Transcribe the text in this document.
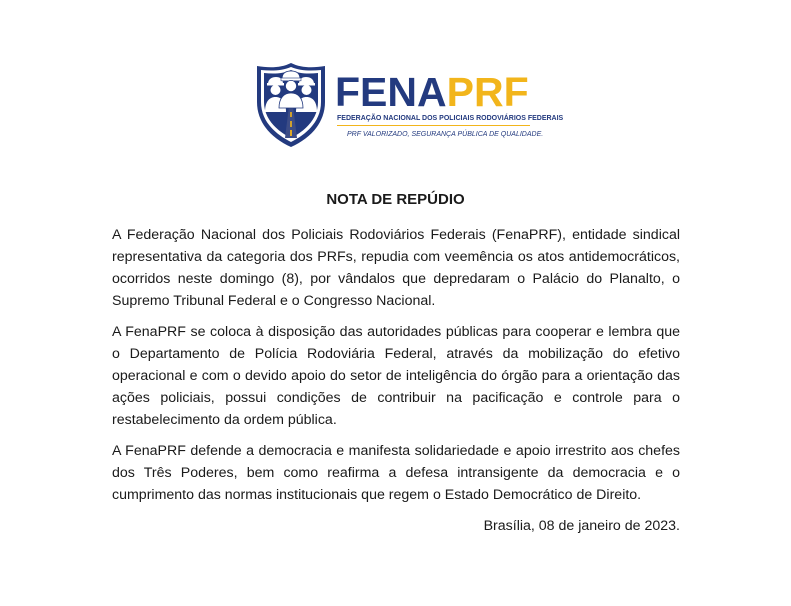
FENAPRF
FEDERAÇÃO NACIONAL DOS POLICIAIS RODOVIÁRIOS FEDERAIS
PRF VALORIZADO, SEGURANÇA PÚBLICA DE QUALIDADE.
NOTA DE REPÚDIO

A Federação Nacional dos Policiais Rodoviários Federais (FenaPRF), entidade sindical representativa da categoria dos PRFs, repudia com veemência os atos antidemocráticos, ocorridos neste domingo (8), por vândalos que depredaram o Palácio do Planalto, o Supremo Tribunal Federal e o Congresso Nacional.

A FenaPRF se coloca à disposição das autoridades públicas para cooperar e lembra que o Departamento de Polícia Rodoviária Federal, através da mobilização do efetivo operacional e com o devido apoio do setor de inteligência do órgão para a orientação das ações policiais, possui condições de contribuir na pacificação e controle para o restabelecimento da ordem pública.

A FenaPRF defende a democracia e manifesta solidariedade e apoio irrestrito aos chefes dos Três Poderes, bem como reafirma a defesa intransigente da democracia e o cumprimento das normas institucionais que regem o Estado Democrático de Direito.

Brasília, 08 de janeiro de 2023.
